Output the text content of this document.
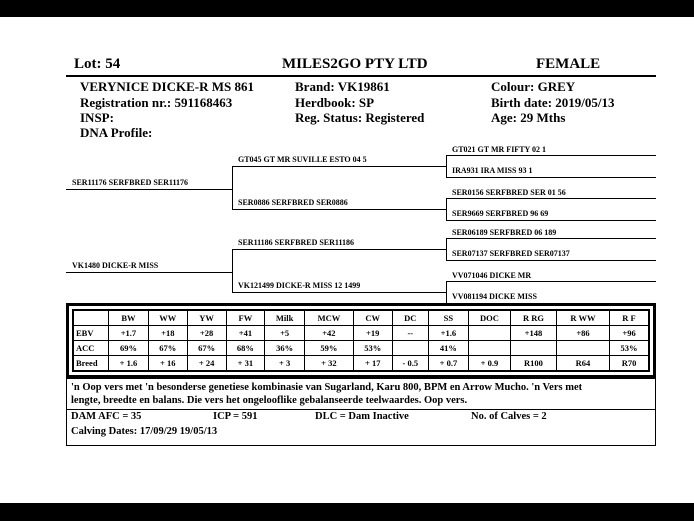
Lot: 54	MILES2GO PTY LTD	FEMALE
VERYNICE DICKE-R MS 861
Registration nr.: 591168463
INSP:
DNA Profile:
Brand: VK19861
Herdbook: SP
Reg. Status: Registered
Colour: GREY
Birth date: 2019/05/13
Age: 29 Mths
SER11176 SERFBRED SER11176
VK1480 DICKE-R MISS
GT045 GT MR SUVILLE ESTO 04 5
SER0886 SERFBRED SER0886
SER11186 SERFBRED SER11186
VK121499 DICKE-R MISS 12 1499
GT021 GT MR FIFTY 02 1
IRA931 IRA MISS 93 1
SER0156 SERFBRED SER 01 56
SER9669 SERFBRED 96 69
SER06189 SERFBRED 06 189
SER07137 SERFBRED SER07137
VV071046 DICKE MR
VV081194 DICKE MISS
	BW	WW	YW	FW	Milk	MCW	CW	DC	SS	DOC	R RG	R WW	R F
EBV	+1.7	+18	+28	+41	+5	+42	+19	--	+1.6		+148	+86	+96
ACC	69%	67%	67%	68%	36%	59%	53%		41%				53%
Breed	+ 1.6	+ 16	+ 24	+ 31	+ 3	+ 32	+ 17	- 0.5	+ 0.7	+ 0.9	R100	R64	R70
'n Oop vers met 'n besonderse genetiese kombinasie van Sugarland, Karu 800, BPM en Arrow Mucho. 'n Vers met
lengte, breedte en balans. Die vers het ongelooflike gebalanseerde teelwaardes. Oop vers.
DAM AFC = 35	ICP = 591	DLC = Dam Inactive	No. of Calves = 2
Calving Dates: 17/09/29 19/05/13
